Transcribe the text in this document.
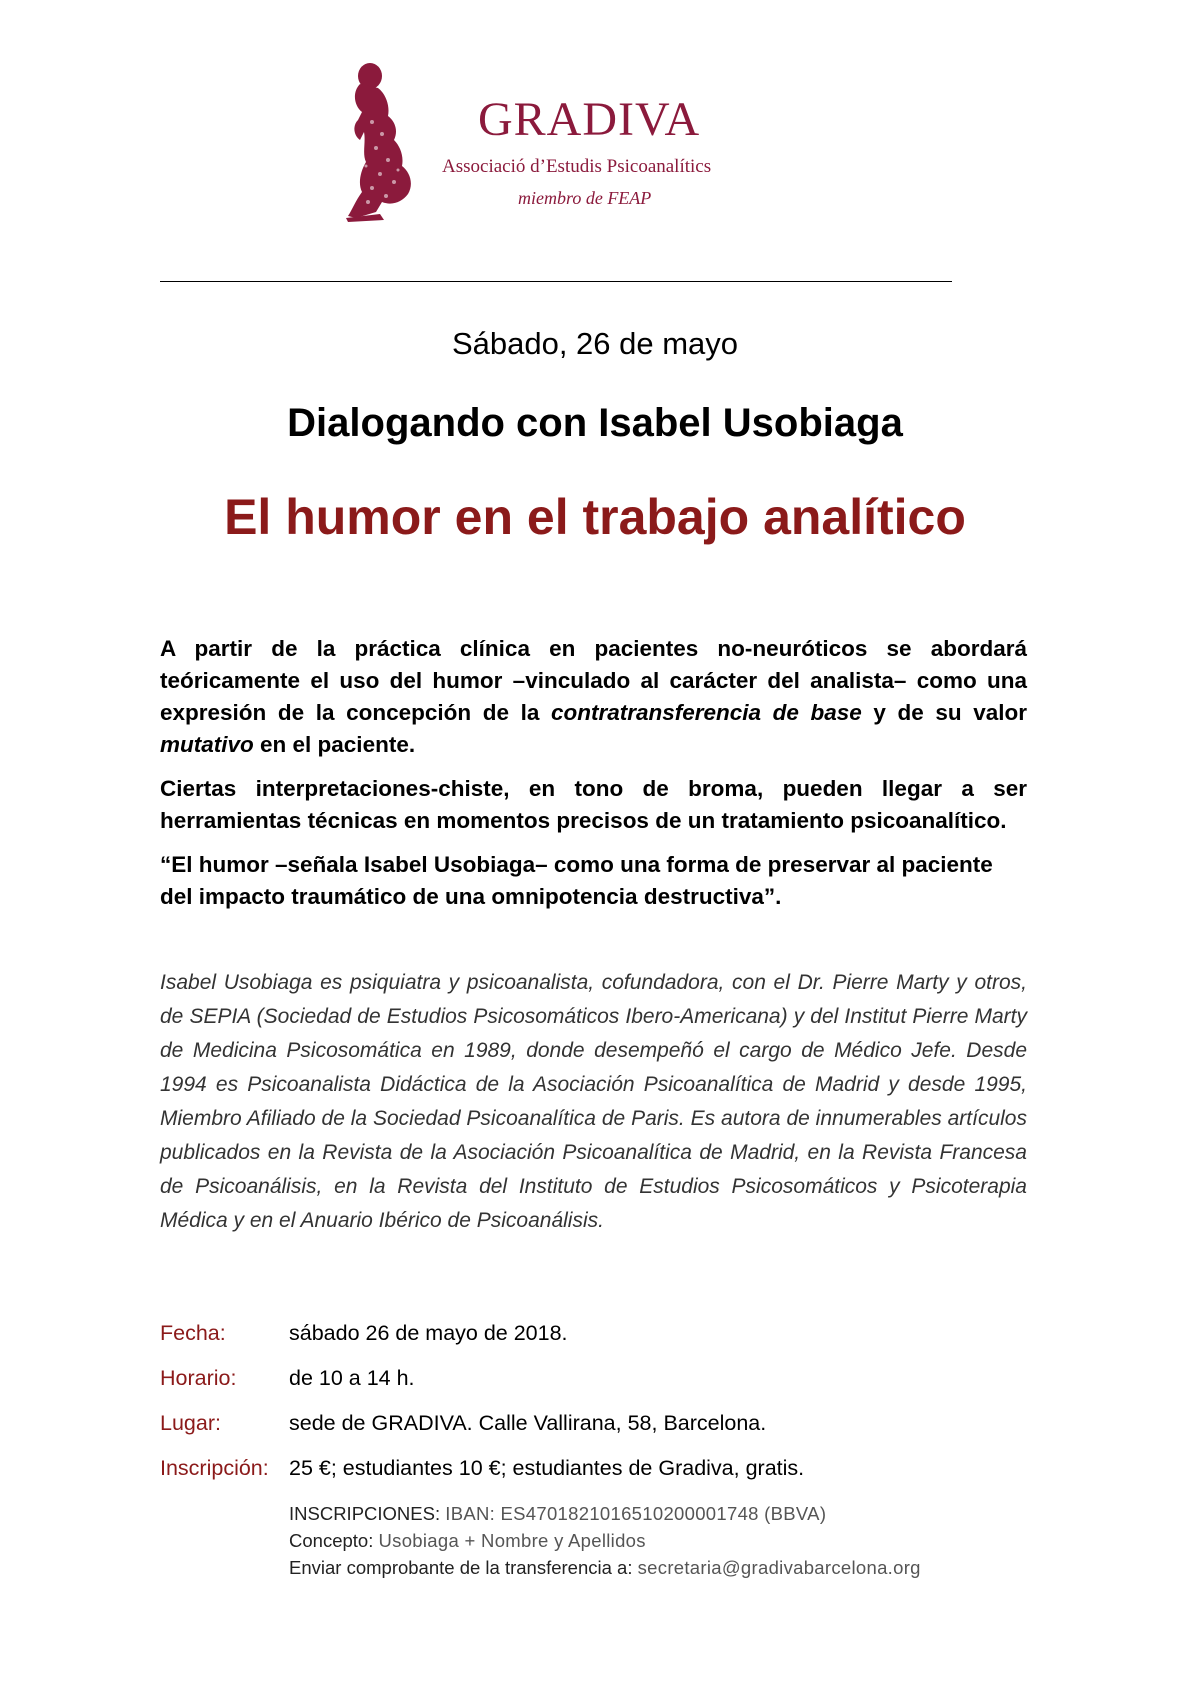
GRADIVA
Associació d’Estudis Psicoanalítics
miembro de FEAP
Sábado, 26 de mayo
Dialogando con Isabel Usobiaga
El humor en el trabajo analítico

A partir de la práctica clínica en pacientes no-neuróticos se abordará teóricamente el uso del humor –vinculado al carácter del analista– como una expresión de la concepción de la contratransferencia de base y de su valor mutativo en el paciente.

Ciertas interpretaciones-chiste, en tono de broma, pueden llegar a ser herramientas técnicas en momentos precisos de un tratamiento psicoanalítico.

“El humor –señala Isabel Usobiaga– como una forma de preservar al paciente del impacto traumático de una omnipotencia destructiva”.

Isabel Usobiaga es psiquiatra y psicoanalista, cofundadora, con el Dr. Pierre Marty y otros, de SEPIA (Sociedad de Estudios Psicosomáticos Ibero-Americana) y del Institut Pierre Marty de Medicina Psicosomática en 1989, donde desempeñó el cargo de Médico Jefe. Desde 1994 es Psicoanalista Didáctica de la Asociación Psicoanalítica de Madrid y desde 1995, Miembro Afiliado de la Sociedad Psicoanalítica de Paris. Es autora de innumerables artículos publicados en la Revista de la Asociación Psicoanalítica de Madrid, en la Revista Francesa de Psicoanálisis, en la Revista del Instituto de Estudios Psicosomáticos y Psicoterapia Médica y en el Anuario Ibérico de Psicoanálisis.

Fecha:	sábado 26 de mayo de 2018.
Horario: de 10 a 14 h.
Lugar:	sede de GRADIVA. Calle Vallirana, 58, Barcelona.
Inscripción: 25 €; estudiantes 10 €; estudiantes de Gradiva, gratis.
INSCRIPCIONES: IBAN: ES4701821016510200001748 (BBVA)
Concepto: Usobiaga + Nombre y Apellidos
Enviar comprobante de la transferencia a: secretaria@gradivabarcelona.org
